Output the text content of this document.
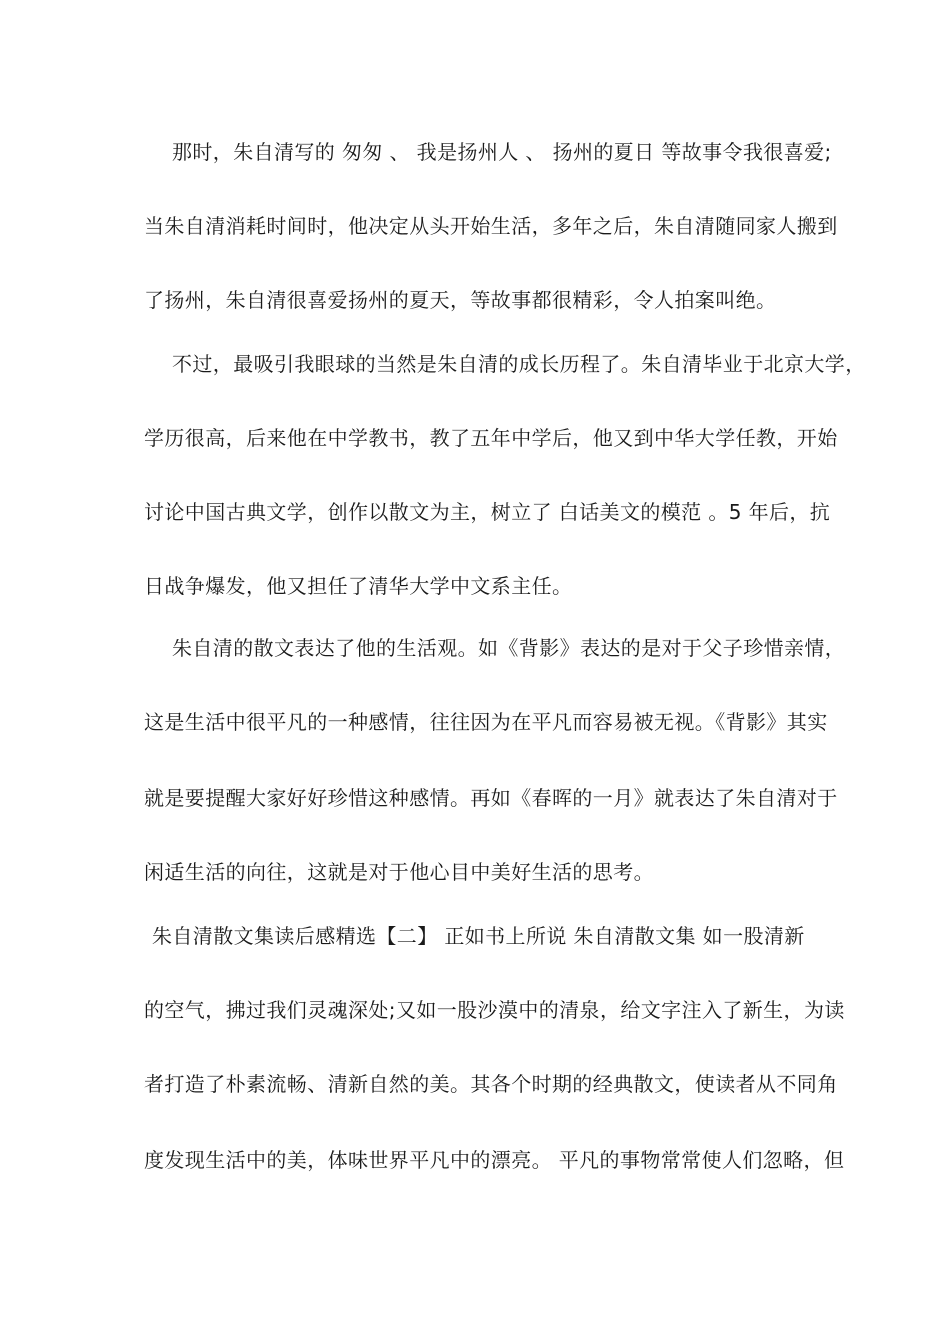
那时，朱自清写的 匆匆 、 我是扬州人 、 扬州的夏日 等故事令我很喜爱;
当朱自清消耗时间时，他决定从头开始生活，多年之后，朱自清随同家人搬到
了扬州，朱自清很喜爱扬州的夏天，等故事都很精彩，令人拍案叫绝。
不过，最吸引我眼球的当然是朱自清的成长历程了。朱自清毕业于北京大学，
学历很高，后来他在中学教书，教了五年中学后，他又到中华大学任教，开始
讨论中国古典文学，创作以散文为主，树立了 白话美文的模范 。5 年后，抗
日战争爆发，他又担任了清华大学中文系主任。
朱自清的散文表达了他的生活观。如《背影》表达的是对于父子珍惜亲情，
这是生活中很平凡的一种感情，往往因为在平凡而容易被无视。《背影》其实
就是要提醒大家好好珍惜这种感情。再如《春晖的一月》就表达了朱自清对于
闲适生活的向往，这就是对于他心目中美好生活的思考。
朱自清散文集读后感精选【二】 正如书上所说 朱自清散文集 如一股清新
的空气，拂过我们灵魂深处;又如一股沙漠中的清泉，给文字注入了新生，为读
者打造了朴素流畅、清新自然的美。其各个时期的经典散文，使读者从不同角
度发现生活中的美，体味世界平凡中的漂亮。 平凡的事物常常使人们忽略，但
